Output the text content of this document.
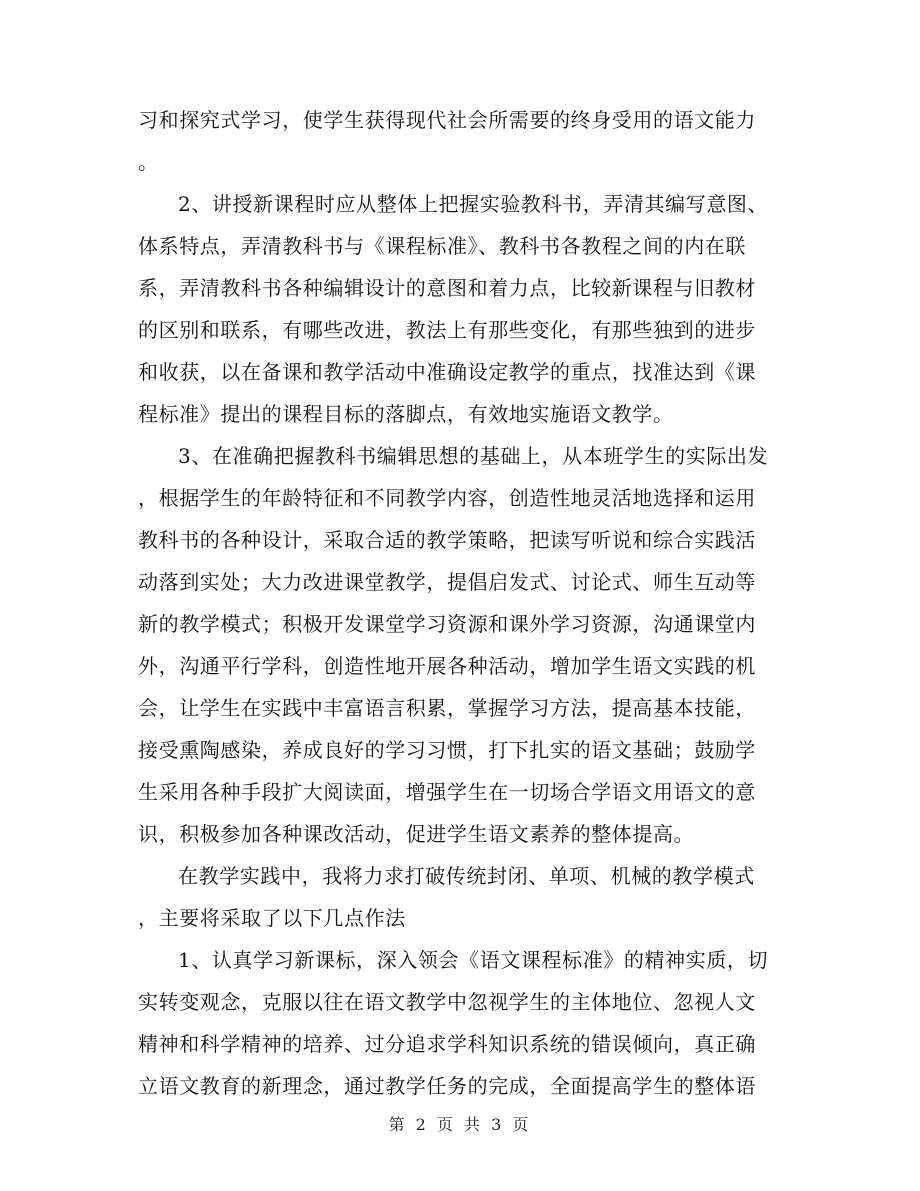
习和探究式学习，使学生获得现代社会所需要的终身受用的语文能力
。
2、讲授新课程时应从整体上把握实验教科书，弄清其编写意图、
体系特点，弄清教科书与《课程标准》、教科书各教程之间的内在联
系，弄清教科书各种编辑设计的意图和着力点，比较新课程与旧教材
的区别和联系，有哪些改进，教法上有那些变化，有那些独到的进步
和收获，以在备课和教学活动中准确设定教学的重点，找准达到《课
程标准》提出的课程目标的落脚点，有效地实施语文教学。
3、在准确把握教科书编辑思想的基础上，从本班学生的实际出发
，根据学生的年龄特征和不同教学内容，创造性地灵活地选择和运用
教科书的各种设计，采取合适的教学策略，把读写听说和综合实践活
动落到实处；大力改进课堂教学，提倡启发式、讨论式、师生互动等
新的教学模式；积极开发课堂学习资源和课外学习资源，沟通课堂内
外，沟通平行学科，创造性地开展各种活动，增加学生语文实践的机
会，让学生在实践中丰富语言积累，掌握学习方法，提高基本技能，
接受熏陶感染，养成良好的学习习惯，打下扎实的语文基础；鼓励学
生采用各种手段扩大阅读面，增强学生在一切场合学语文用语文的意
识，积极参加各种课改活动，促进学生语文素养的整体提高。
在教学实践中，我将力求打破传统封闭、单项、机械的教学模式
，主要将采取了以下几点作法
1、认真学习新课标，深入领会《语文课程标准》的精神实质，切
实转变观念，克服以往在语文教学中忽视学生的主体地位、忽视人文
精神和科学精神的培养、过分追求学科知识系统的错误倾向，真正确
立语文教育的新理念，通过教学任务的完成，全面提高学生的整体语
第 2 页 共 3 页
